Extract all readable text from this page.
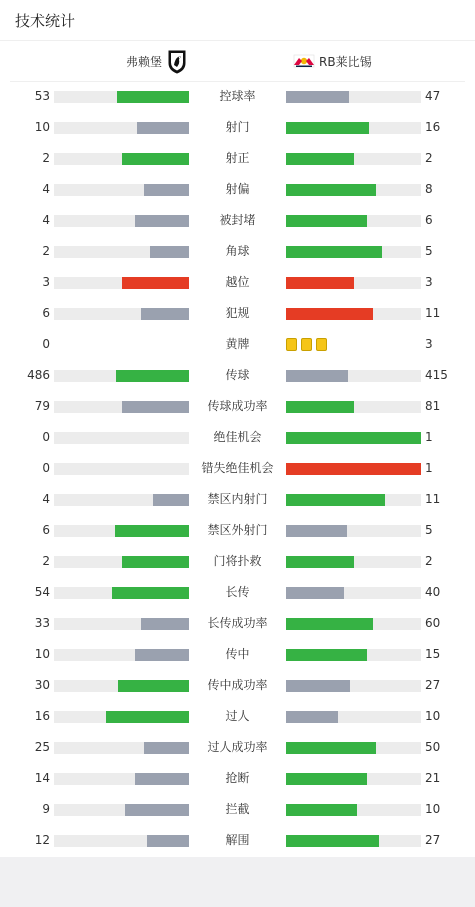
技术统计
弗赖堡	RB莱比锡
53	控球率	47
10	射门	16
2	射正	2
4	射偏	8
4	被封堵	6
2	角球	5
3	越位	3
6	犯规	11
0	黄牌	3
486	传球	415
79	传球成功率	81
0	绝佳机会	1
0	错失绝佳机会	1
4	禁区内射门	11
6	禁区外射门	5
2	门将扑救	2
54	长传	40
33	长传成功率	60
10	传中	15
30	传中成功率	27
16	过人	10
25	过人成功率	50
14	抢断	21
9	拦截	10
12	解围	27
